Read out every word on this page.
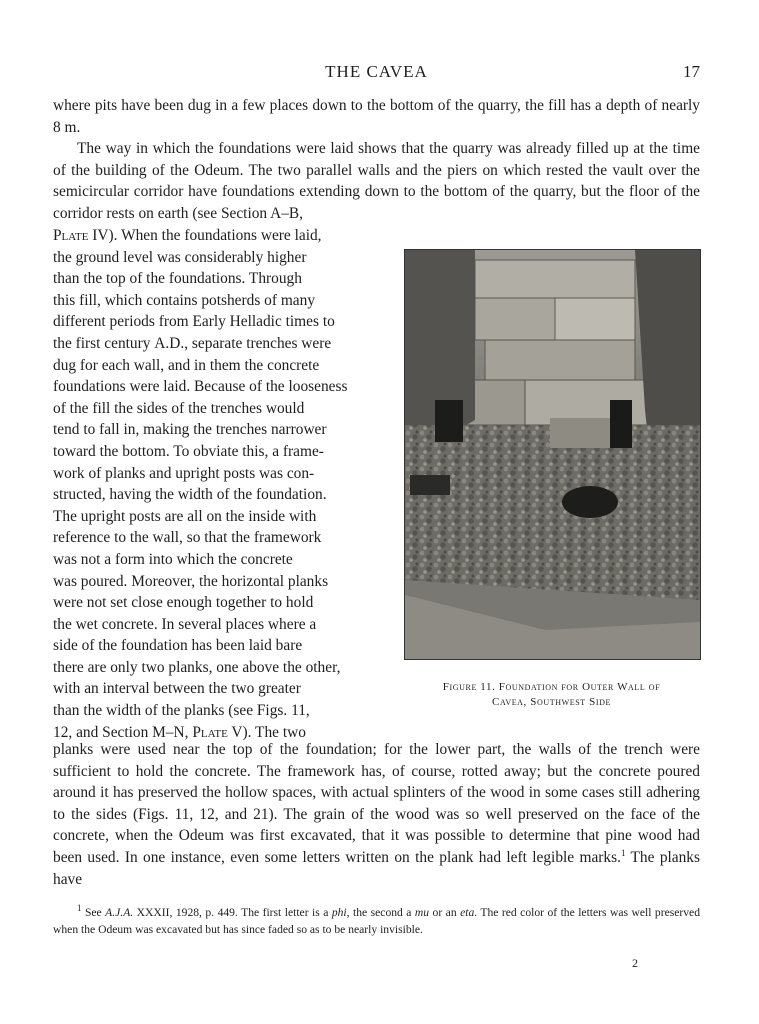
THE CAVEA	17

where pits have been dug in a few places down to the bottom of the quarry, the fill has a depth of nearly 8 m.

The way in which the foundations were laid shows that the quarry was already filled up at the time of the building of the Odeum. The two parallel walls and the piers on which rested the vault over the semicircular corridor have foundations extending down to the bottom of the quarry, but the floor of the corridor rests on earth (see Section A–B,

Plate IV). When the foundations were laid,

the ground level was considerably higher

than the top of the foundations. Through

this fill, which contains potsherds of many

different periods from Early Helladic times to

the first century A.D., separate trenches were

dug for each wall, and in them the concrete

foundations were laid. Because of the looseness

of the fill the sides of the trenches would

tend to fall in, making the trenches narrower

toward the bottom. To obviate this, a frame-

work of planks and upright posts was con-

structed, having the width of the foundation.

The upright posts are all on the inside with

reference to the wall, so that the framework

was not a form into which the concrete

was poured. Moreover, the horizontal planks

were not set close enough together to hold

the wet concrete. In several places where a

side of the foundation has been laid bare

there are only two planks, one above the other,

with an interval between the two greater

than the width of the planks (see Figs. 11,

12, and Section M–N, Plate V). The two

Figure 11. Foundation for Outer Wall of
Cavea, Southwest Side

planks were used near the top of the foundation; for the lower part, the walls of the trench were sufficient to hold the concrete. The framework has, of course, rotted away; but the concrete poured around it has preserved the hollow spaces, with actual splinters of the wood in some cases still adhering to the sides (Figs. 11, 12, and 21). The grain of the wood was so well preserved on the face of the concrete, when the Odeum was first excavated, that it was possible to determine that pine wood had been used. In one instance, even some letters written on the plank had left legible marks.$^1$ The planks have

$^1$ See A.J.A. XXXII, 1928, p. 449. The first letter is a phi, the second a mu or an eta. The red color of the letters was well preserved when the Odeum was excavated but has since faded so as to be nearly invisible.

2
